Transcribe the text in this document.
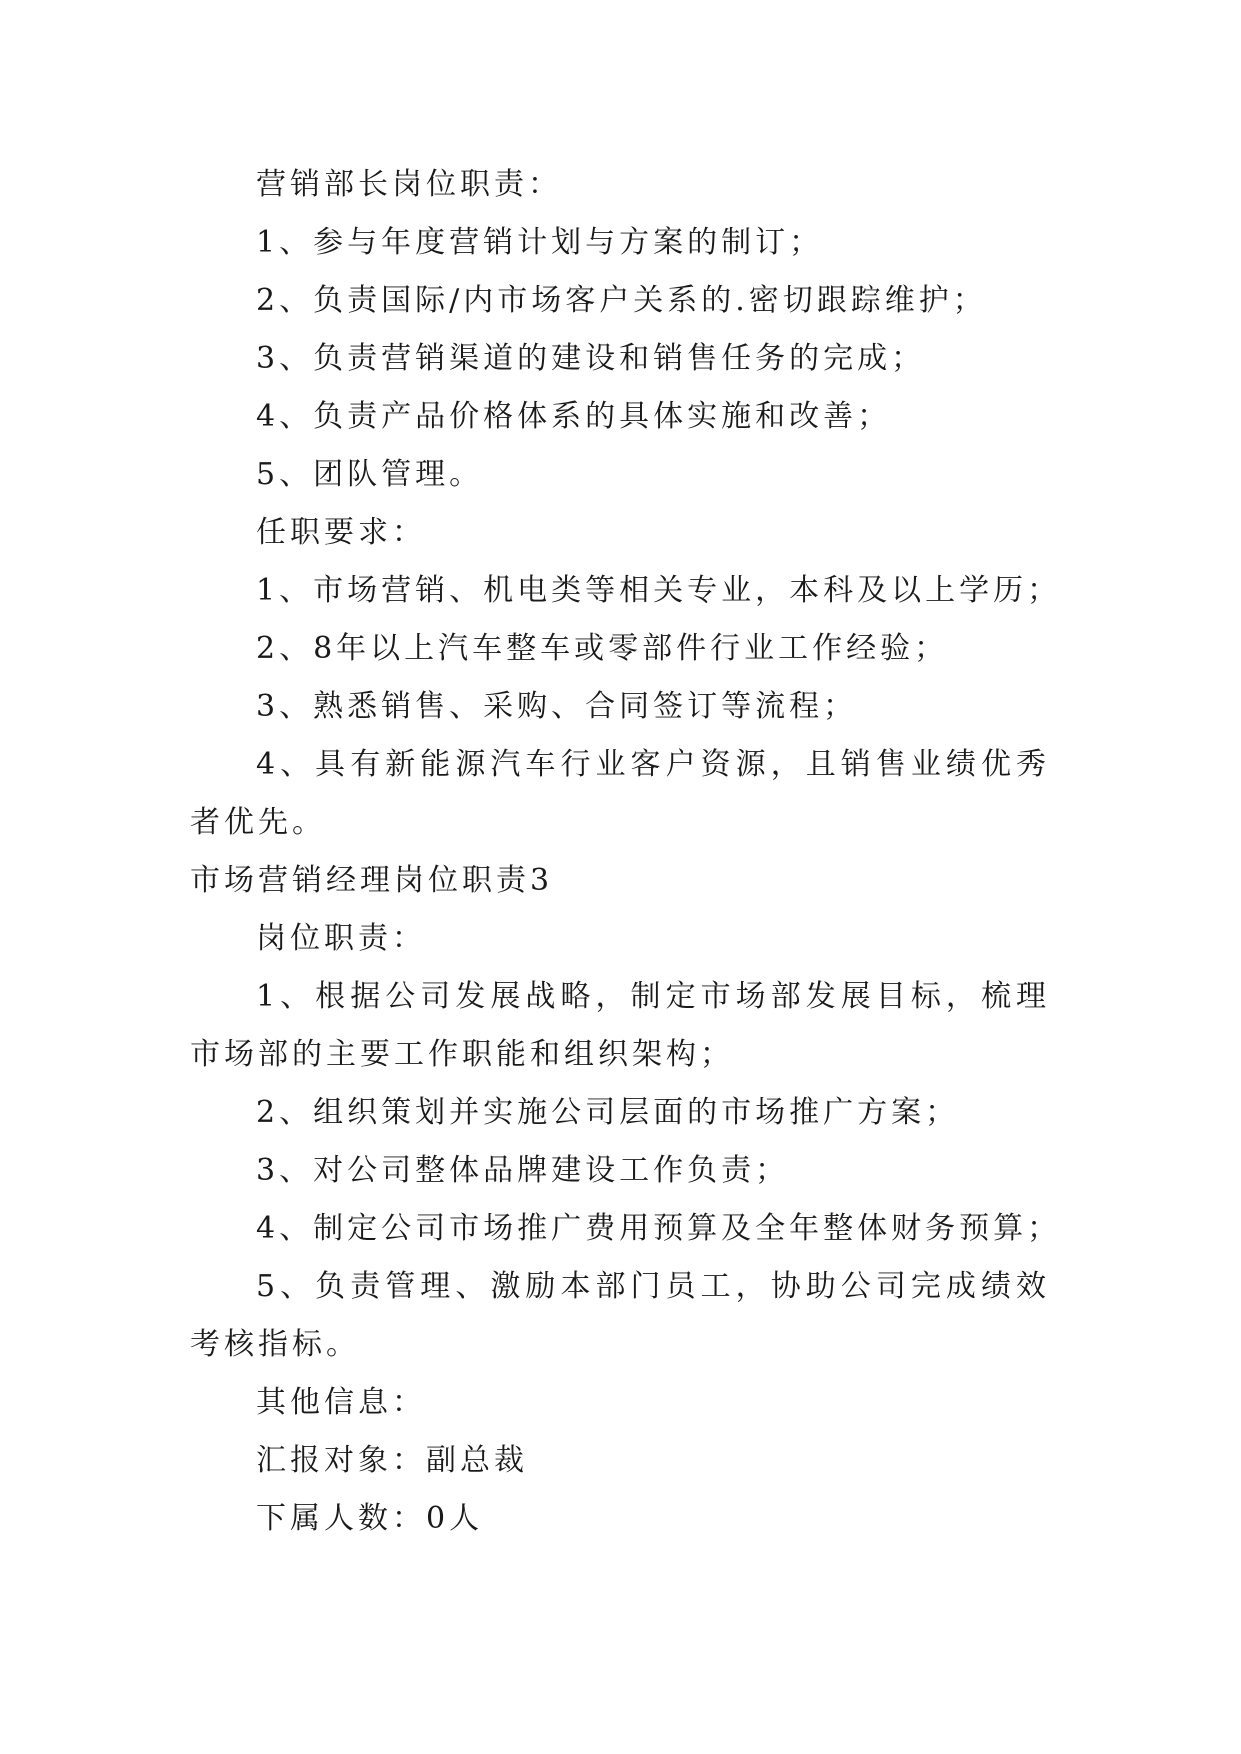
营销部长岗位职责：
1、参与年度营销计划与方案的制订；
2、负责国际/内市场客户关系的.密切跟踪维护；
3、负责营销渠道的建设和销售任务的完成；
4、负责产品价格体系的具体实施和改善；
5、团队管理。
任职要求：
1、市场营销、机电类等相关专业，本科及以上学历；
2、8年以上汽车整车或零部件行业工作经验；
3、熟悉销售、采购、合同签订等流程；
4、具有新能源汽车行业客户资源，且销售业绩优秀者优先。
市场营销经理岗位职责3
岗位职责：
1、根据公司发展战略，制定市场部发展目标，梳理市场部的主要工作职能和组织架构；
2、组织策划并实施公司层面的市场推广方案；
3、对公司整体品牌建设工作负责；
4、制定公司市场推广费用预算及全年整体财务预算；
5、负责管理、激励本部门员工，协助公司完成绩效考核指标。
其他信息：
汇报对象：副总裁
下属人数：0人
